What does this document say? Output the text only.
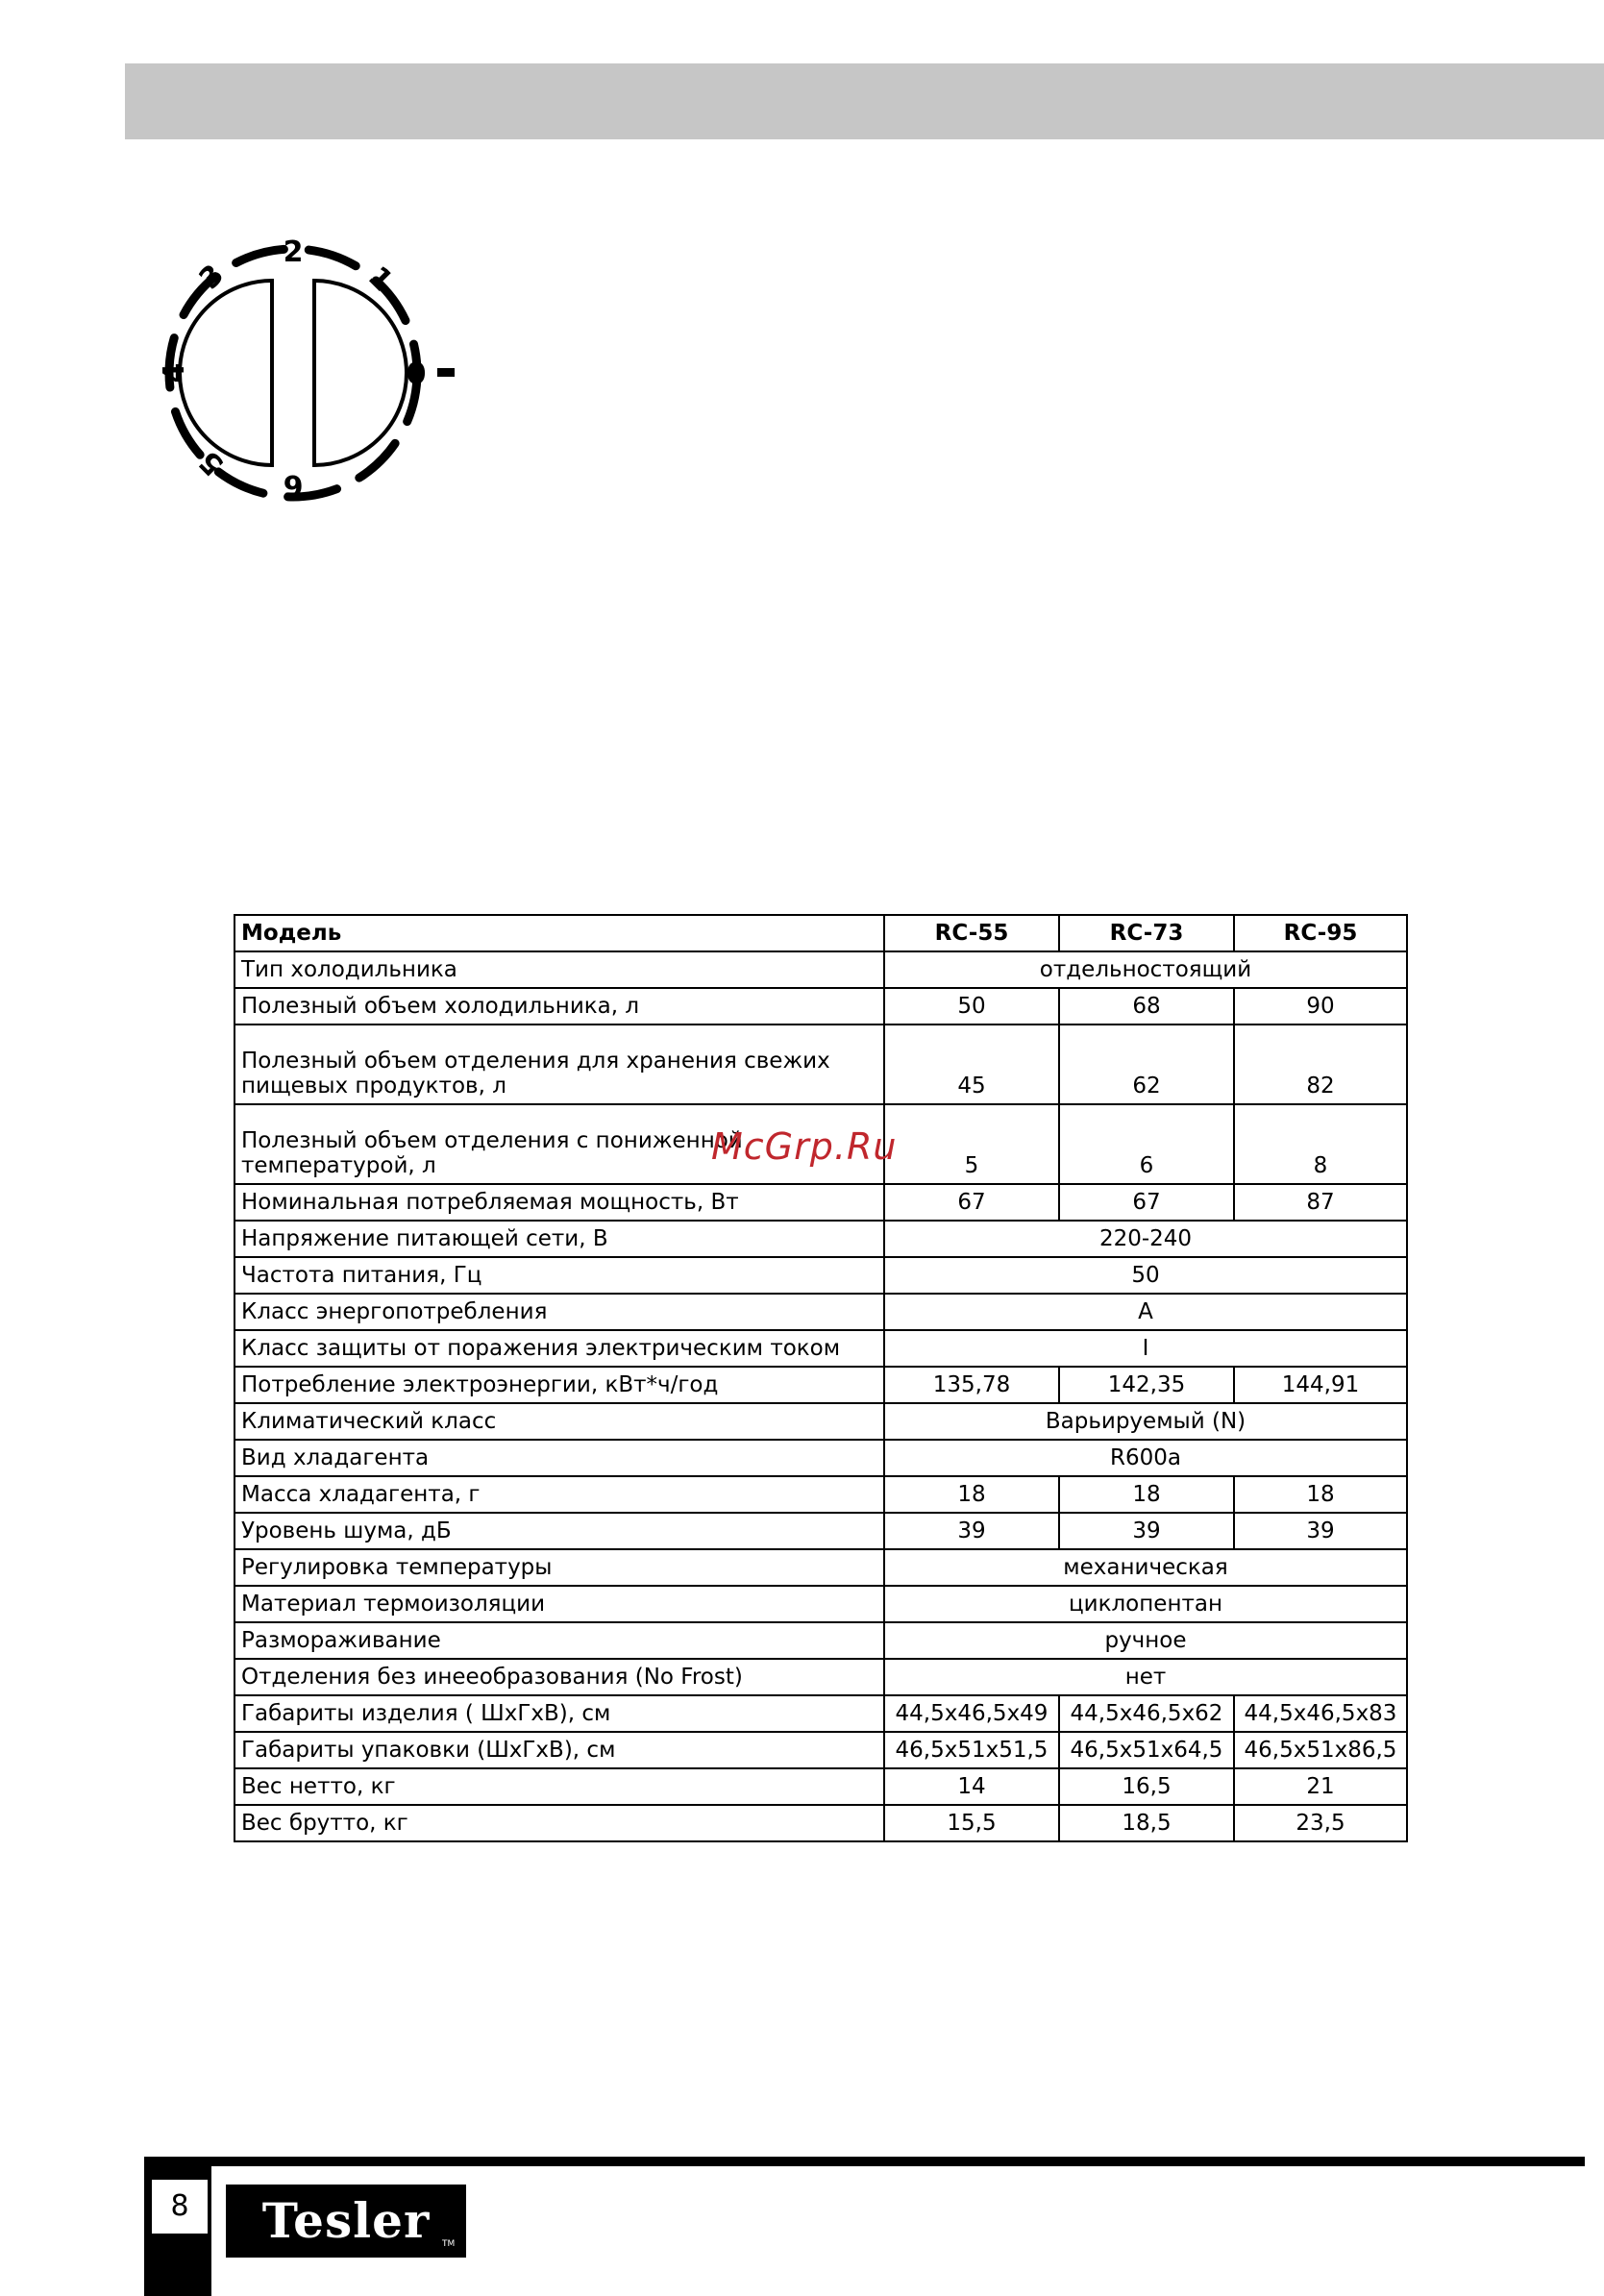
0
1
2
3
4
5
6
Модель	RC-55	RC-73	RC-95
Тип холодильника	отдельностоящий		
Полезный объем холодильника, л	50	68	90
Полезный объем отделения для хранения свежих пищевых продуктов, л	45	62	82
Полезный объем отделения с пониженной температурой, л	5	6	8
Номинальная потребляемая мощность, Вт	67	67	87
Напряжение питающей сети, В	220-240		
Частота питания, Гц	50		
Класс энергопотребления	A		
Класс защиты от поражения электрическим током	I		
Потребление электроэнергии, кВт*ч/год	135,78	142,35	144,91
Климатический класс	Варьируемый (N)		
Вид хладагента	R600a		
Масса хладагента, г	18	18	18
Уровень шума, дБ	39	39	39
Регулировка температуры	механическая		
Материал термоизоляции	циклопентан		
Размораживание	ручное		
Отделения без инеeобразования (No Frost)	нет		
Габариты изделия ( ШхГхВ), см	44,5x46,5x49	44,5x46,5x62	44,5x46,5x83
Габариты упаковки (ШхГхВ), см	46,5x51x51,5	46,5x51x64,5	46,5x51x86,5
Вес нетто, кг	14	16,5	21
Вес брутто, кг	15,5	18,5	23,5
McGrp.Ru
8	Tesler	TM
